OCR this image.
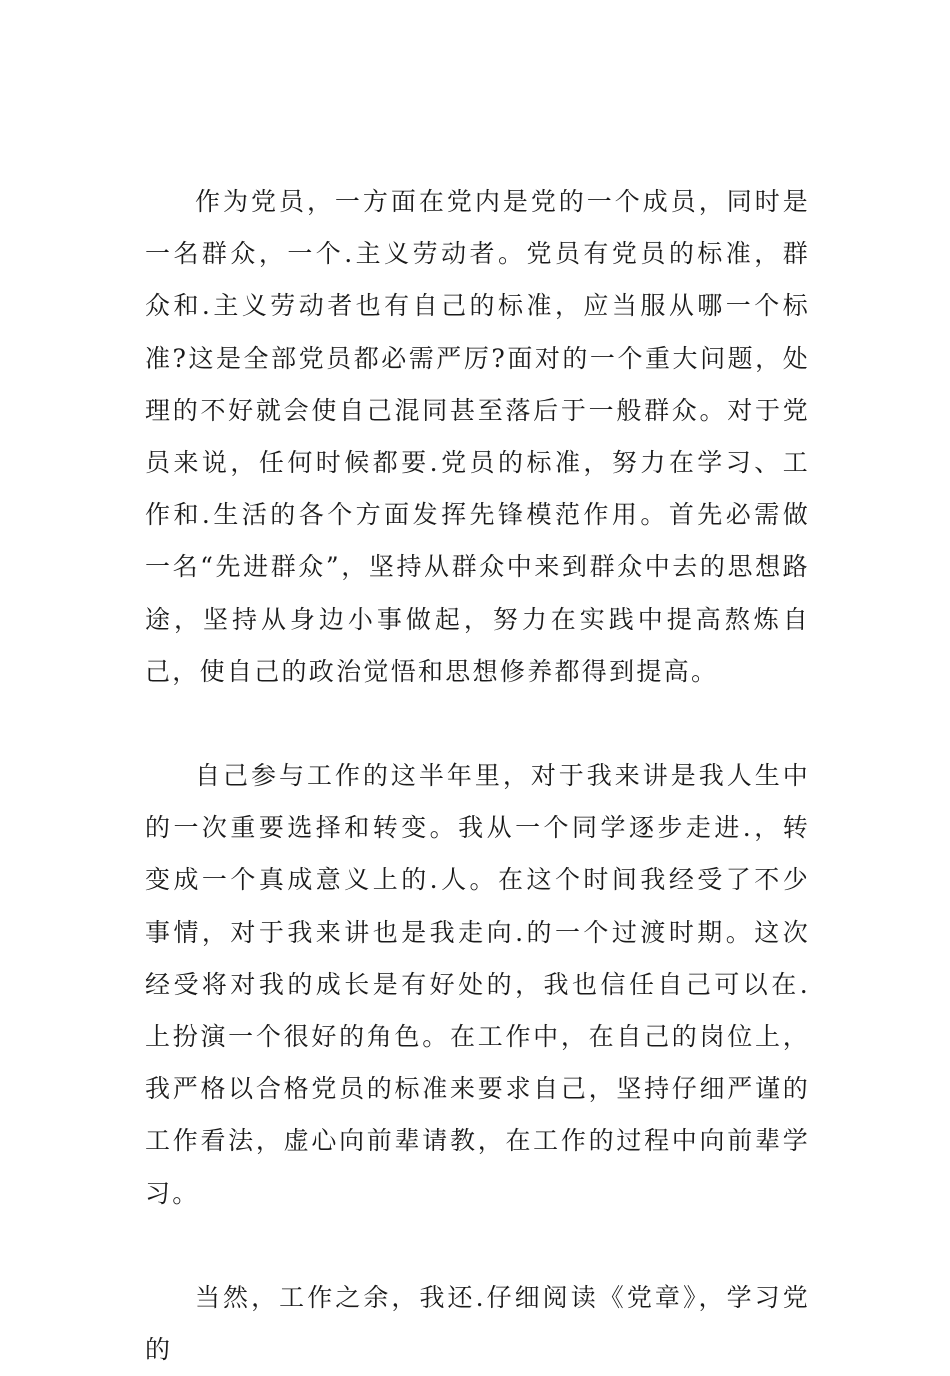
作为党员，一方面在党内是党的一个成员，同时是一名群众，一个.主义劳动者。党员有党员的标准，群众和.主义劳动者也有自己的标准，应当服从哪一个标准?这是全部党员都必需严厉?面对的一个重大问题，处理的不好就会使自己混同甚至落后于一般群众。对于党员来说，任何时候都要.党员的标准，努力在学习、工作和.生活的各个方面发挥先锋模范作用。首先必需做一名“先进群众”，坚持从群众中来到群众中去的思想路途，坚持从身边小事做起，努力在实践中提高熬炼自己，使自己的政治觉悟和思想修养都得到提高。

自己参与工作的这半年里，对于我来讲是我人生中的一次重要选择和转变。我从一个同学逐步走进.，转变成一个真成意义上的.人。在这个时间我经受了不少事情，对于我来讲也是我走向.的一个过渡时期。这次经受将对我的成长是有好处的，我也信任自己可以在.上扮演一个很好的角色。在工作中，在自己的岗位上，我严格以合格党员的标准来要求自己，坚持仔细严谨的工作看法，虚心向前辈请教，在工作的过程中向前辈学习。

当然，工作之余，我还.仔细阅读《党章》，学习党的
